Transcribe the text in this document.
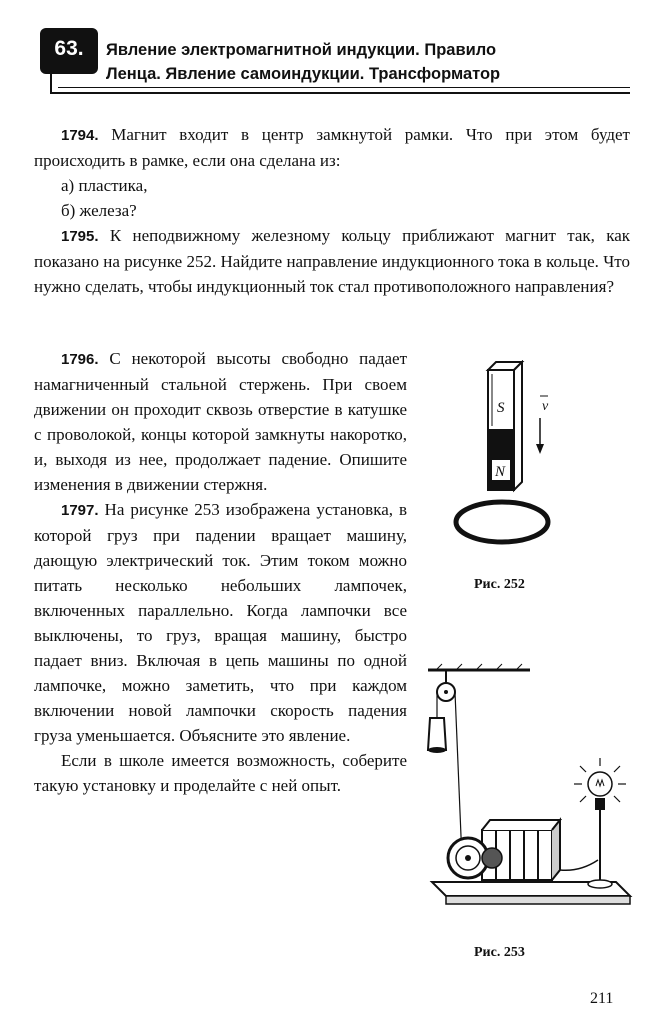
63.	Явление электромагнитной индукции. Правило
Ленца. Явление самоиндукции. Трансформатор

1794. Магнит входит в центр замкнутой рамки. Что при этом будет происходить в рамке, если она сделана из:

а) пластика,

б) железа?

1795. К неподвижному железному кольцу приближают магнит так, как показано на рисунке 252. Найдите направление индукционного тока в кольце. Что нужно сделать, чтобы индукционный ток стал противоположного направления?

1796. С некоторой высоты свободно падает намагниченный стальной стержень. При своем движении он проходит сквозь отверстие в катушке с проволокой, концы которой замкнуты накоротко, и, выходя из нее, продолжает падение. Опишите изменения в движении стержня.

1797. На рисунке 253 изображена установка, в которой груз при падении вращает машину, дающую электрический ток. Этим током можно питать несколько небольших лампочек, включенных параллельно. Когда лампочки все выключены, то груз, вращая машину, быстро падает вниз. Включая в цепь машины по одной лампочке, можно заметить, что при каждом включении новой лампочки скорость падения груза уменьшается. Объясните это явление.

Если в школе имеется возможность, соберите такую установку и проделайте с ней опыт.

S
N
v
Рис. 252
Рис. 253
211
